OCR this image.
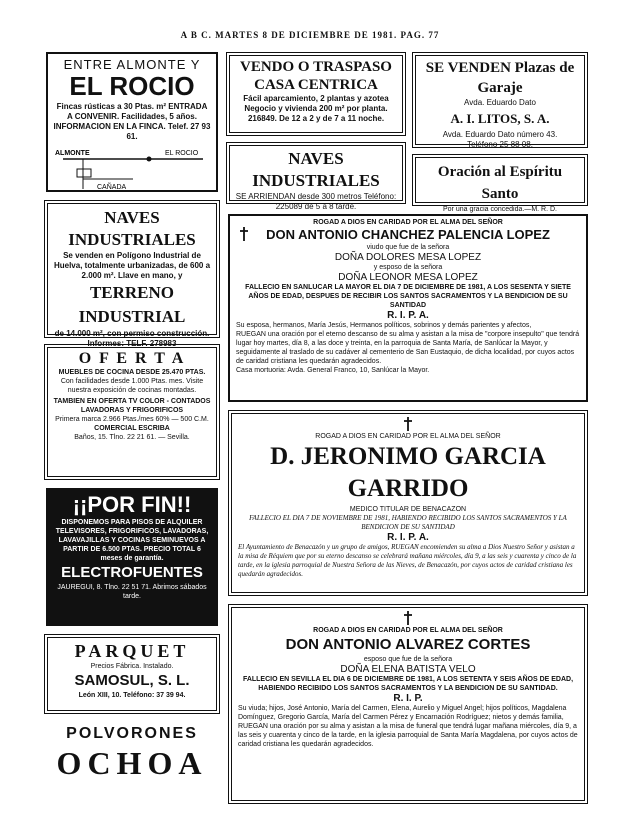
A B C. MARTES 8 DE DICIEMBRE DE 1981. PAG. 77
ENTRE ALMONTE Y
EL ROCIO
Fincas rústicas a 30 Ptas. m² ENTRADA A CONVENIR. Facilidades, 5 años. INFORMACION EN LA FINCA. Telef. 27 93 61.
ALMONTE	EL ROCIO
CAÑADA
VENDO O TRASPASO
CASA CENTRICA
Fácil aparcamiento, 2 plantas y azotea Negocio y vivienda 200 m² por planta. 216849. De 12 a 2 y de 7 a 11 noche.
NAVES INDUSTRIALES
SE ARRIENDAN desde 300 metros Teléfono: 225089 de 5 a 8 tarde.
SE VENDEN Plazas de Garaje
Avda. Eduardo Dato
A. I. LITOS, S. A.
Avda. Eduardo Dato número 43.
Teléfono 25 88 08.
Oración al Espíritu Santo
Por una gracia concedida.—M. R. D.
NAVES INDUSTRIALES
Se venden en Polígono Industrial de Huelva, totalmente urbanizadas, de 600 a 2.000 m². Llave en mano, y
TERRENO INDUSTRIAL
de 14.000 m², con permiso construcción. Informes: TELF. 278983
O F E R T A
MUEBLES DE COCINA DESDE 25.470 PTAS.
Con facilidades desde 1.000 Ptas. mes. Visite nuestra exposición de cocinas montadas.
TAMBIEN EN OFERTA TV COLOR - CONTADOS LAVADORAS Y FRIGORIFICOS
Primera marca 2.966 Ptas./mes 60% — 500 C.M.
COMERCIAL ESCRIBA
Baños, 15. Tlno. 22 21 61. — Sevilla.
¡¡POR FIN!!
DISPONEMOS PARA PISOS DE ALQUILER TELEVISORES, FRIGORIFICOS, LAVADORAS, LAVAVAJILLAS Y COCINAS SEMINUEVOS A PARTIR DE 6.500 PTAS. PRECIO TOTAL 6 meses de garantía.
ELECTROFUENTES
JAUREGUI, 8. Tlno. 22 51 71. Abrimos sábados tarde.
PARQUET
Precios Fábrica. Instalado.
SAMOSUL, S. L.
León XIII, 10. Teléfono: 37 39 94.
POLVORONES
OCHOA
ROGAD A DIOS EN CARIDAD POR EL ALMA DEL SEÑOR
DON ANTONIO CHANCHEZ PALENCIA LOPEZ
viudo que fue de la señora
DOÑA DOLORES MESA LOPEZ
y esposo de la señora
DOÑA LEONOR MESA LOPEZ
FALLECIO EN SANLUCAR LA MAYOR EL DIA 7 DE DICIEMBRE DE 1981, A LOS SESENTA Y SIETE AÑOS DE EDAD, DESPUES DE RECIBIR LOS SANTOS SACRAMENTOS Y LA BENDICION DE SU SANTIDAD
R. I. P. A.
Su esposa, hermanos, María Jesús, Hermanos políticos, sobrinos y demás parientes y afectos,
RUEGAN una oración por el eterno descanso de su alma y asistan a la misa de "corpore insepulto" que tendrá lugar hoy martes, día 8, a las doce y treinta, en la parroquia de Santa María, de Sanlúcar la Mayor, y seguidamente al traslado de su cadáver al cementerio de San Eustaquio, de dicha localidad, por cuyos actos de caridad cristiana les quedarán agradecidos.
Casa mortuoria: Avda. General Franco, 10, Sanlúcar la Mayor.
ROGAD A DIOS EN CARIDAD POR EL ALMA DEL SEÑOR
D. JERONIMO GARCIA GARRIDO
MEDICO TITULAR DE BENACAZON
FALLECIO EL DIA 7 DE NOVIEMBRE DE 1981, HABIENDO RECIBIDO LOS SANTOS SACRAMENTOS Y LA BENDICION DE SU SANTIDAD
R. I. P. A.
El Ayuntamiento de Benacazón y un grupo de amigos, RUEGAN encomienden su alma a Dios Nuestro Señor y asistan a la misa de Réquiem que por su eterno descanso se celebrará mañana miércoles, día 9, a las seis y cuarenta y cinco de la tarde, en la iglesia parroquial de Nuestra Señora de las Nieves, de Benacazón, por cuyos actos de caridad cristiana les quedarán agradecidos.
ROGAD A DIOS EN CARIDAD POR EL ALMA DEL SEÑOR
DON ANTONIO ALVAREZ CORTES
esposo que fue de la señora
DOÑA ELENA BATISTA VELO
FALLECIO EN SEVILLA EL DIA 6 DE DICIEMBRE DE 1981, A LOS SETENTA Y SEIS AÑOS DE EDAD, HABIENDO RECIBIDO LOS SANTOS SACRAMENTOS Y LA BENDICION DE SU SANTIDAD.
R. I. P.
Su viuda; hijos, José Antonio, María del Carmen, Elena, Aurelio y Miguel Angel; hijos políticos, Magdalena Domínguez, Gregorio García, María del Carmen Pérez y Encarnación Rodríguez; nietos y demás familia,
RUEGAN una oración por su alma y asistan a la misa de funeral que tendrá lugar mañana miércoles, día 9, a las seis y cuarenta y cinco de la tarde, en la iglesia parroquial de Santa María Magdalena, por cuyos actos de caridad cristiana les quedarán agradecidos.
